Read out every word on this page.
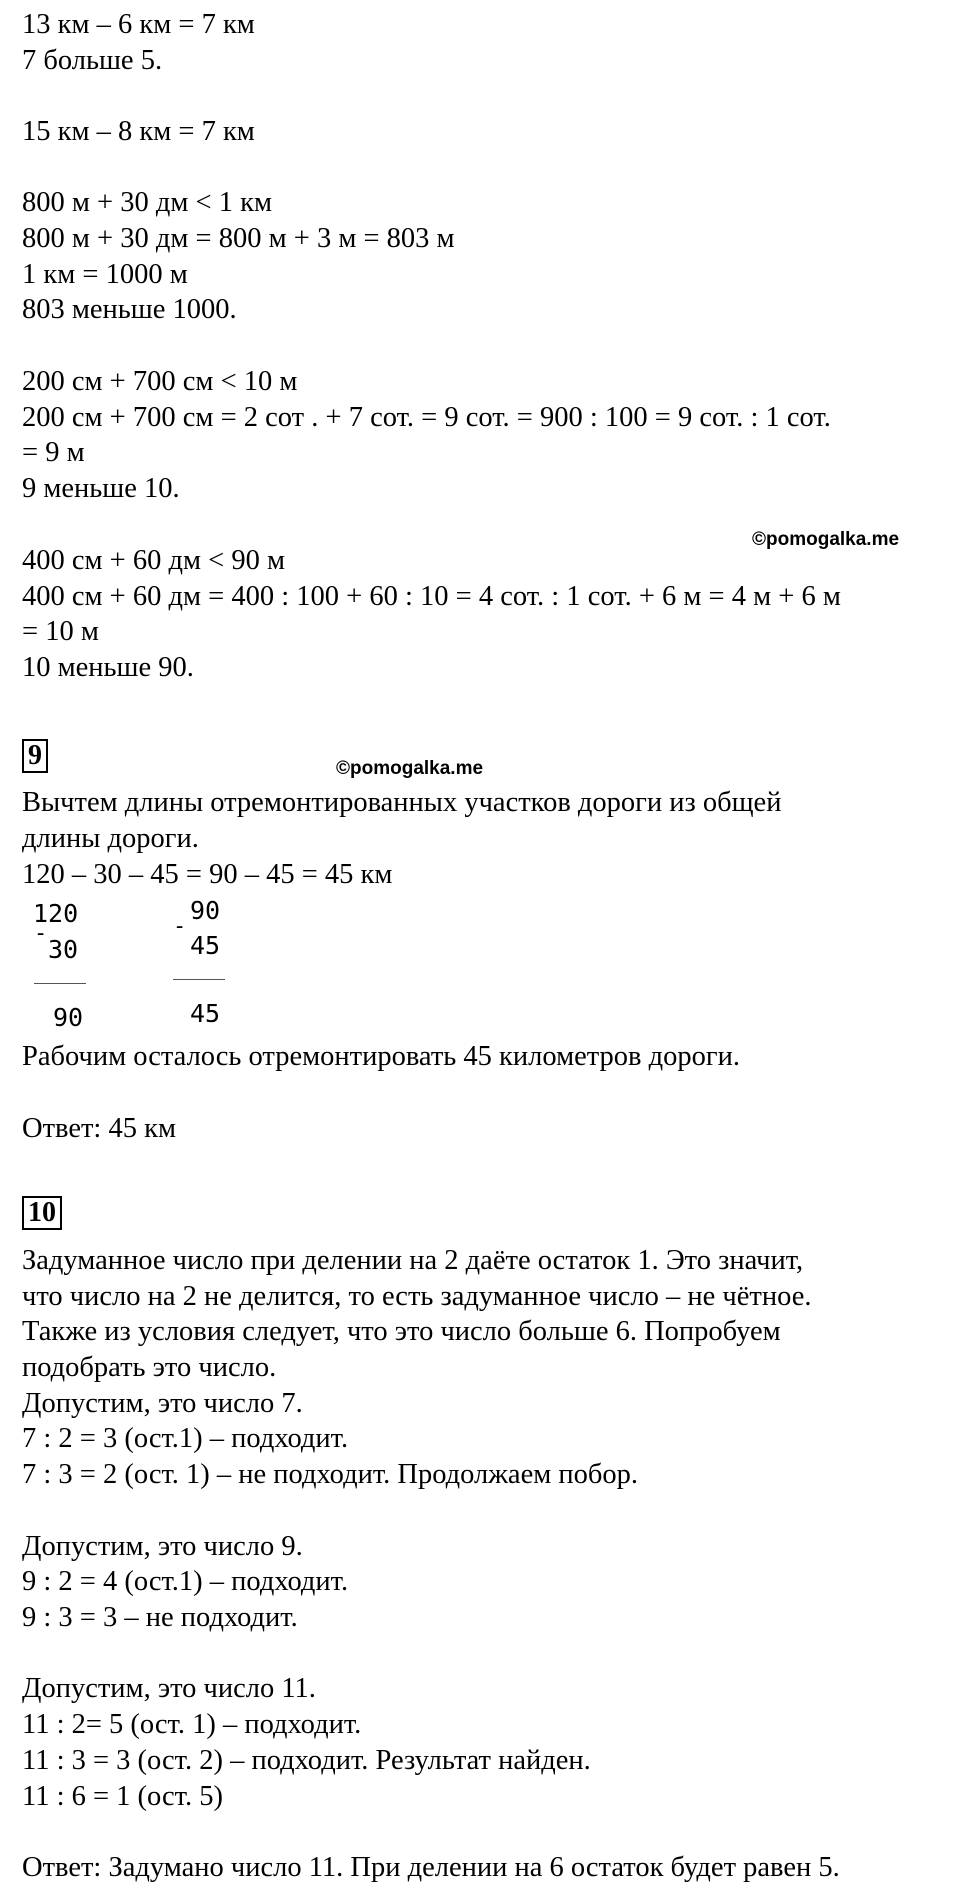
13 км – 6 км = 7 км
7 больше 5.
15 км – 8 км = 7 км
800 м + 30 дм < 1 км
800 м + 30 дм = 800 м + 3 м = 803 м
1 км = 1000 м
803 меньше 1000.
200 см + 700 см < 10 м
200 см + 700 см = 2 сот . + 7 сот. = 9 сот. = 900 : 100 = 9 сот. : 1 сот.
= 9 м
9 меньше 10.
©pomogalka.me
400 см + 60 дм < 90 м
400 см + 60 дм = 400 : 100 + 60 : 10 = 4 сот. : 1 сот. + 6 м = 4 м + 6 м
= 10 м
10 меньше 90.
9	©pomogalka.me
Вычтем длины отремонтированных участков дороги из общей
длины дороги.
120 – 30 – 45 = 90 – 45 = 45 км
120
-
30
90
-
90
45
45
Рабочим осталось отремонтировать 45 километров дороги.
Ответ: 45 км
10
Задуманное число при делении на 2 даёте остаток 1. Это значит,
что число на 2 не делится, то есть задуманное число – не чётное.
Также из условия следует, что это число больше 6. Попробуем
подобрать это число.
Допустим, это число 7.
7 : 2 = 3 (ост.1) – подходит.
7 : 3 = 2 (ост. 1) – не подходит. Продолжаем побор.
Допустим, это число 9.
9 : 2 = 4 (ост.1) – подходит.
9 : 3 = 3 – не подходит.
Допустим, это число 11.
11 : 2= 5 (ост. 1) – подходит.
11 : 3 = 3 (ост. 2) – подходит. Результат найден.
11 : 6 = 1 (ост. 5)
Ответ: Задумано число 11. При делении на 6 остаток будет равен 5.
